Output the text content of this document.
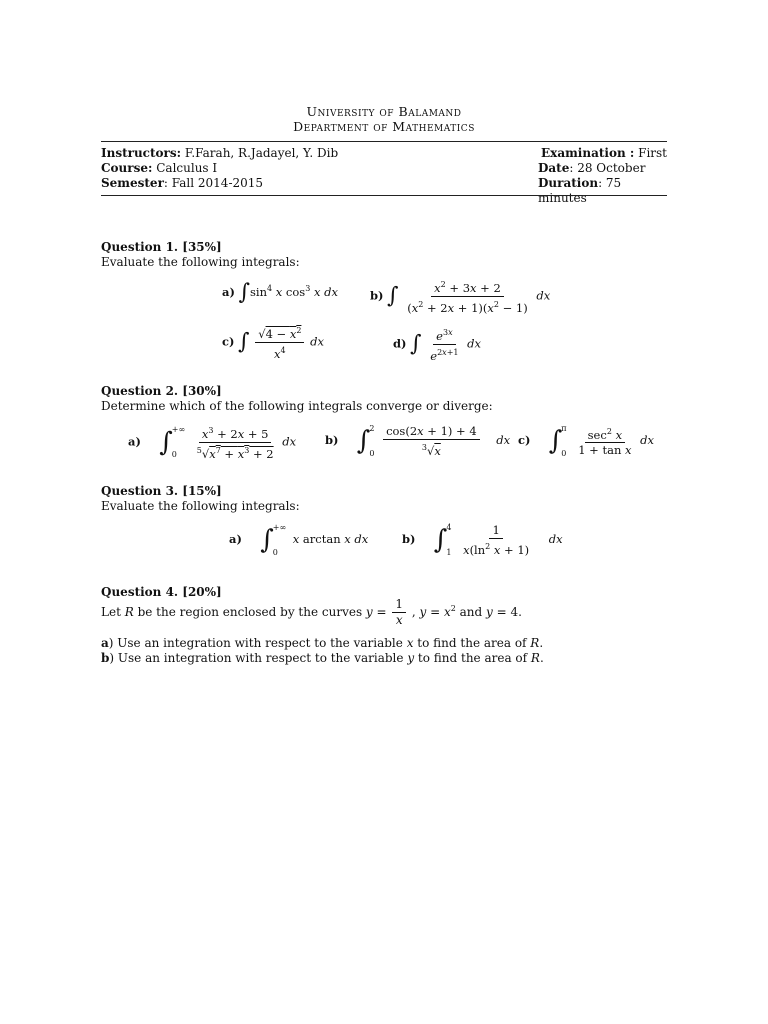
University of Balamand
Department of Mathematics
Instructors: F.Farah, R.Jadayel, Y. Dib	Examination : First
Course: Calculus I	Date: 28 October
Semester: Fall 2014-2015	Duration: 75 minutes
Question 1. [35%]
Evaluate the following integrals:
a) $\int\sin^4$ x $\cos^3 x$ dx	b) ∫ $\frac{x^2 + 3x + 2}{(x^2 + 2x + 1)(x^2 - 1)}$ dx
c) ∫ $\frac{√4 - x^2}{x^4}$ dx	d) ∫ $\frac{e^{3x}}{e^{2x+1}}$ dx
Question 2. [30%]
Determine which of the following integrals converge or diverge:
a) ∫ +∞
0
	$\frac{x^3 + 2x + 5}{^5√x^7 + x^3 + 2}$ dx	b) ∫ 2
0
$\frac{\cos(2x + 1) + 4}{^3√x}$ dx c) ∫ π
0
$\frac{\sec^2 x}{\text{1 + tan x}}$ dx
Question 3. [15%]
Evaluate the following integrals:
a) ∫ +∞
0
x arctan x dx	b) ∫ 4
1
$\frac{1}{x(\ln^2 x + 1)}$ dx
Question 4. [20%]
Let R be the region enclosed by the curves $y = \frac{1}{x}$ , $y = x^2$ and y = 4.
a) Use an integration with respect to the variable x to find the area of R.
b) Use an integration with respect to the variable y to find the area of R.
